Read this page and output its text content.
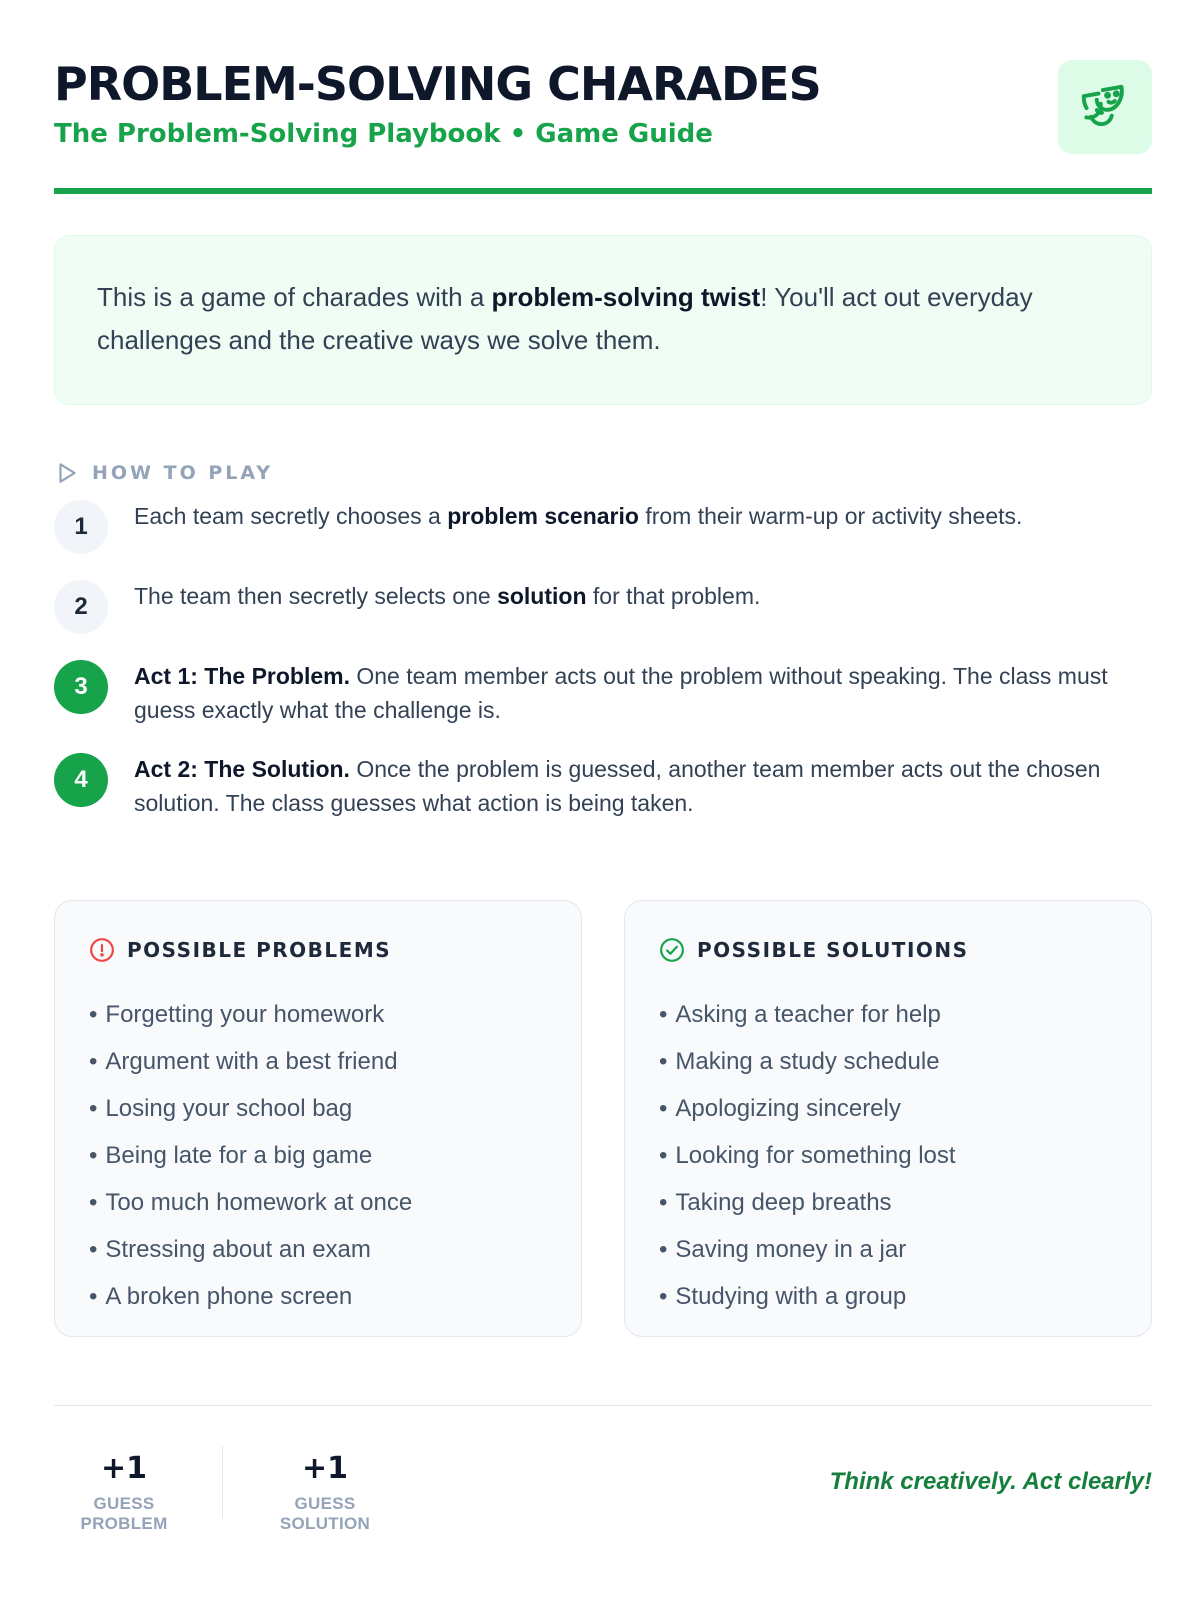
PROBLEM-SOLVING CHARADES
The Problem-Solving Playbook • Game Guide
This is a game of charades with a problem-solving twist! You'll act out everyday challenges and the creative ways we solve them.
HOW TO PLAY
1	Each team secretly chooses a problem scenario from their warm-up or activity sheets.
2	The team then secretly selects one solution for that problem.
3	Act 1: The Problem. One team member acts out the problem without speaking. The class must guess exactly what the challenge is.
4	Act 2: The Solution. Once the problem is guessed, another team member acts out the chosen solution. The class guesses what action is being taken.
POSSIBLE PROBLEMS
• Forgetting your homework
• Argument with a best friend
• Losing your school bag
• Being late for a big game
• Too much homework at once
• Stressing about an exam
• A broken phone screen
POSSIBLE SOLUTIONS
• Asking a teacher for help
• Making a study schedule
• Apologizing sincerely
• Looking for something lost
• Taking deep breaths
• Saving money in a jar
• Studying with a group
+1
GUESS PROBLEM
+1
GUESS SOLUTION
Think creatively. Act clearly!
